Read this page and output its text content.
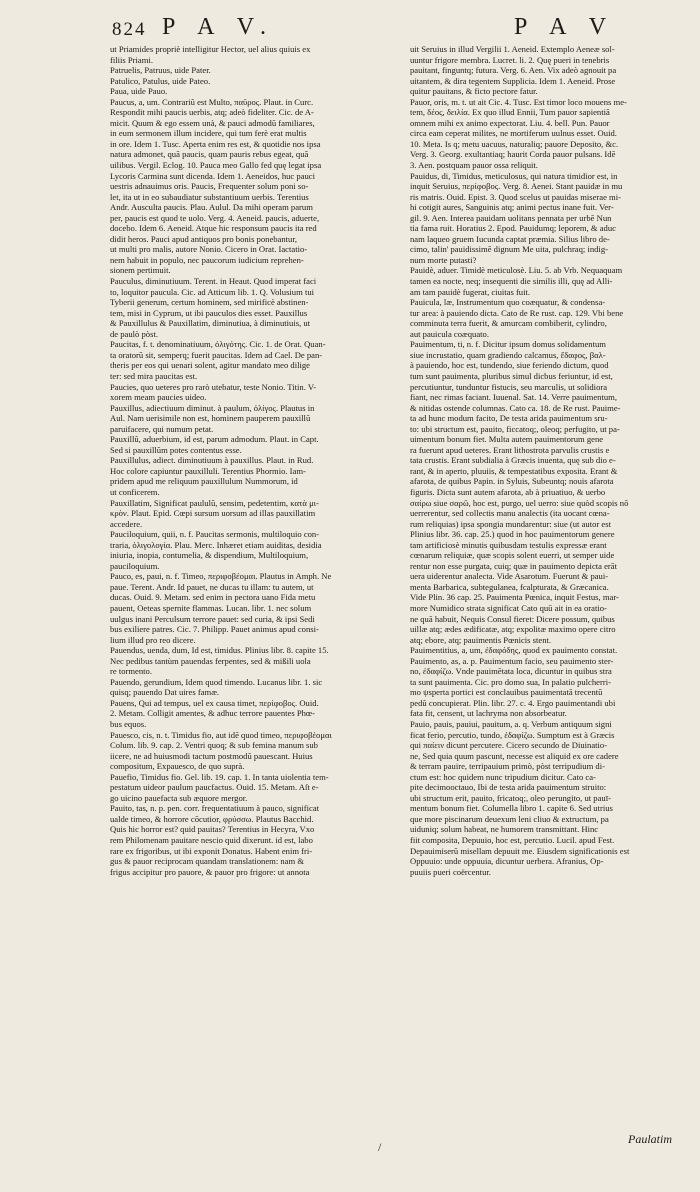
824 P A V.	P A V
ut Priamides propriè intelligitur Hector, uel alius quiuis ex
filiis Priami.
Patruelis, Patruus, uide Pater.
Patulico, Patulus, uide Pateo.
Paua, uide Pauo.
Paucus, a, um. Contrariũ est Multo, παῦρος. Plaut. in Curc.
Respondit mihi paucis uerbis, atq; adeò fideliter. Cic. de A-
micit. Quum & ego essem unà, & pauci admodũ familiares,
in eum sermonem illum incidere, qui tum ferè erat multis
in ore. Idem 1. Tusc. Aperta enim res est, & quotidie nos ipsa
natura admonet, quã paucis, quam pauris rebus egeat, quã
uilibus. Vergil. Eclog. 10. Pauca meo Gallo fed quę legat ipsa
Lycoris Carmina sunt dicenda. Idem 1. Aeneidos, huc pauci
uestris adnauimus oris. Paucis, Frequenter solum poni so-
let, ita ut in eo subaudiatur substantiuum uerbis. Terentius
Andr. Auscultа paucis. Plau. Aulul. Da mihi operam parum
per, paucis est quod te uolo. Verg. 4. Aeneid. paucis, aduerte,
docebo. Idem 6. Aeneid. Atque hic responsum paucis ita red
didit heros. Pauci apud antiquos pro bonis ponebantur,
ut multi pro malis, autore Nonio. Cicero in Orat. Iactatio-
nem habuit in populo, nec paucorum iudicium reprehen-
sionem pertimuit.
Pauculus, diminutiuum. Terent. in Heaut. Quod imperat faci
to, loquitor paucula. Cic. ad Atticum lib. 1. Q. Volusium tui
Tyberii generum, certum hominem, sed mirificè abstinen-
tem, misi in Cyprum, ut ibi pauculos dies esset. Pauxillus
& Pauxillulus & Pauxillatim, diminutiua, à diminutiuis, ut
de paulò pòst.
Paucitas, f. t. denominatiuum, ὀλιγότης. Cic. 1. de Orat. Quan-
ta oratorũ sit, semperq; fuerit paucitas. Idem ad Cael. De pan-
theris per eos qui uenari solent, agitur mandato meo dilige
ter: sed mira paucitas est.
Paucies, quo ueteres pro rarò utebatur, teste Nonio. Titin. V-
xorem meam paucies uideo.
Pauxillus, adiectiuum diminut. à paulum, ὀλίγος. Plautus in
Aul. Nam uerisimile non est, hominem pauperem pauxillũ
paruifacere, qui numum petat.
Pauxillũ, aduerbium, id est, parum admodum. Plaut. in Capt.
Sed si pauxillũm potes contentus esse.
Pauxillulus, adiect. diminutiuum à pauxillus. Plaut. in Rud.
Hoc colore capiuntur pauxilluli. Terentius Phormio. Iam-
pridem apud me reliquum pauxillulum Nummorum, id
ut conficerem.
Pauxillatim, Significat paululũ, sensim, pedetentim, κατὰ μι-
κρὸν. Plaut. Epid. Cœpi sursum uorsum ad illas pauxillatim
accedere.
Pauciloquium, quii, n. f. Paucitas sermonis, multiloquio con-
traria, ὀλιγολογία. Plau. Merc. Inhæret etiam auiditas, desidia
iniuria, inopia, contumelia, & dispendium, Multiloquium,
pauciloquium.
Pauco, es, pauі, n. f. Timeo, περιφοβέομαι. Plautus in Amph. Ne
paue. Terent. Andr. Id pauet, ne ducas tu illam: tu autem, ut
ducas. Ouid. 9. Metam. sed enim in pectora uano Fida metu
pauent, Oeteas spernite flammas. Lucan. libr. 1. nec solum
uulgus inani Perculsum terrore pauet: sed curia, & ipsi Sedi
bus exiliere patres. Cic. 7. Philipp. Pauet animus apud consi-
lium illud pro reo dicere.
Pauendus, uenda, dum, Id est, timidus. Plinius libr. 8. capite 15.
Nec pedibus tantùm pauendas ferpentes, sed & mißili uola
re tormento.
Pauendo, gerundium, Idem quod timendo. Lucanus libr. 1. sic
quisq; pauendo Dat uires famæ.
Pauens, Qui ad tempus, uel ex causa timet, περίφοβος. Ouid.
2. Metam. Colligit amentes, & adhuc terrore pauentes Phœ-
bus equos.
Pauesco, cis, n. t. Timidus fio, aut idē quod timeo, περιφοβέομαι
Colum. lib. 9. cap. 2. Ventri quoq; & sub femina manum sub
iicere, ne ad huiusmodi tactum postmodũ pauescant. Huius
compositum, Expauesco, de quo suprà.
Pauefio, Timidus fio. Gel. lib. 19. cap. 1. In tanta uiolentia tem-
pestatum uideor paulum paucfactus. Ouid. 15. Metam. Aſt e-
go uicino pauefacta sub æquore mergor.
Pauito, tas, n. p. pen. corr. frequentatiuum à pauco, significat
ualde timeo, & horrore cōcutior, φρύσσω. Plautus Bacchid.
Quis hic horror est? quid pauitas? Terentius in Hecyra, Vxo
rem Philomenam pauitare nescio quid dixerunt. id est, labo
rare ex frigoribus, ut ibi exponit Donatus. Habent enim fri-
gus & pauor reciprocam quandam translationem: nam &
frigus accipitur pro pauore, & pauor pro frigore: ut annota
uit Seruius in illud Vergilii 1. Aeneid. Extemplo Aeneæ sol-
uuntur frigore membra. Lucret. li. 2. Quę pueri in tenebris
pauitant, finguntq; futura. Verg. 6. Aen. Vix adeò agnouit pa
uitantem, & dira tegentem Supplicia. Idem 1. Aeneid. Prose
quitur pauitans, & ficto pectore fatur.
Pauor, oris, m. t. ut ait Cic. 4. Tusc. Est timor loco mouens me-
tem, δέος, δειλία. Ex quo illud Ennii, Tum pauor sapientiã
omnem mihi ex animo expectorat. Liu. 4. bell. Pun. Pauor
circa eam ceperat milites, ne mortiferum uulnus esset. Ouid.
10. Meta. Is q; metu uacuus, naturaliq; pauore Depositо, &c.
Verg. 3. Georg. exultantiaq; haurit Corda pauor pulsans. Idē
3. Aen. postquam pauor ossa reliquit.
Pauidus, di, Timidus, meticulosus, qui natura timidior est, in
inquit Seruius, περίφοβος. Verg. 8. Aenei. Stant pauidæ in mu
ris matris. Ouid. Epist. 3. Quod scelus ut pauidas miserae mi-
hi cotigit aures, Sanguinis atq; animi pectus inane fuit. Ver-
gil. 9. Aen. Interea pauidam uolitans pennata per urbē Nun
tia fama ruit. Horatius 2. Epod. Pauidumq; leporem, & aduc
nam laqueo gruem Iucunda captat præmia. Silius libro de-
cimo, talin' pauidissimē dignum Me uita, pulchraq; indig-
num morte putasti?
Pauidè, aduer. Timidè meticulosè. Liu. 5. ab Vrb. Nequaquam
tamen ea nocte, neq; insequenti die similis illi, quę ad Alli-
am tam pauidè fugerat, ciuitas fuit.
Pauicula, læ, Instrumentum quo coæquatur, & condensa-
tur area: à pauiendo dicta. Cato de Re rust. cap. 129. Vbi bene
comminuta terra fuerit, & amurcam combiberit, cylindro,
aut pauicula coæquato.
Pauimentum, ti, n. f. Dicitur ipsum domus solidamentum
siue incrustatio, quam gradiendo calcamus, ἔδαφος, βαλ-
à pauiendo, hoc est, tundendo, siue feriendo dictum, quod
tum sunt pauimenta, pluribus simul dicbus feriuntur, id est,
percutiuntur, tunduntur fistucis, seu marculis, ut solidiora
fiant, nec rimas faciant. Iuuenal. Sat. 14. Verre pauimentum,
& nitidas ostende columnas. Cato ca. 18. de Re rust. Pauime-
ta ad hunc modum facito, De testa arida pauimentum sru-
to: ubi structum est, pauito, ficcatoq;, oleoq; perfugito, ut pa-
uimentum bonum fiet. Multa autem pauimentorum gene
ra fuerunt apud ueteres. Erant lithostrota parvulis crustis e
tata crustis. Erant subdialia à Græcis inuenta, quę sub dio e-
rant, & in aperto, pluuiis, & tempestatibus exposita. Erant &
afarota, de quibus Papin. in Syluis, Subeuntq; nouis afarota
figuris. Dicta sunt autem afarota, ab à priuatiuo, & uerbo
σαίρω siue σαρῶ, hoc est, purgo, uel uerro: siue quòd scopis nō
uerrerentur, sed collectis manu analectis (ita uocant cœna-
rum reliquias) ipsa spongia mundarentur: siue (ut autor est
Plinius libr. 36. cap. 25.) quod in hoc pauimentorum genere
tam artificiosè minutis quibusdam testulis expressæ erant
cœnarum reliquiæ, quæ scopis solent euerri, ut semper uide
rentur non esse purgata, cuiq; quæ in pauimento depicta erāt
uera uiderentur analecta. Vide Asarotum. Fuerunt & paui-
menta Barbarica, subtegulanea, fcalpturata, & Græcanica.
Vide Plin. 36 cap. 25. Pauimenta Pœnica, inquit Festus, mar-
more Numidico strata significat Cato quū ait in ea oratio-
ne quā habuit, Nequis Consul fieret: Dicere possum, quibus
uillæ atq; ædes ædificatæ, atq; expolitæ maximo opere citro
atq; ebore, atq; pauimentis Pœnicis stent.
Pauimentitius, a, um, ἐδαφόδης, quod ex pauimento constat.
Pauimento, as, a. p. Pauimentum facio, seu pauimento ster-
no, ἐδαφίζω. Vnde pauimētata loca, dicuntur in quibus stra
ta sunt pauimenta. Cic. pro domo sua, In palatio pulcherri-
mo ψsperta portici est conclauibus pauimentatā trecentū
pedũ concupierat. Plin. libr. 27. c. 4. Ergo pauimentandi ubi
fata fit, censent, ut lachryma non absorbeatur.
Pauio, pauis, pauiui, pauitum, a. q. Verbum antiquum signi
ficat ferio, percutio, tundo, ἐδαφίζω. Sumptum est à Græcis
qui παίειν dicunt percutere. Cicero secundo de Diuinatio-
ne, Sed quia quum pascunt, necesse est aliquid ex ore cadere
& terram pauire, terripauium primò, pòst terripudium di-
ctum est: hoc quidem nunc tripudium dicitur. Cato ca-
pite decimooctauo, Ibi de testa arida pauimentum struito:
ubi structum erit, pauito, fricatoq;, oleo perungito, ut pauī-
mentum bonum fiet. Columella libro 1. capite 6. Sed utrius
que more piscinarum deuexum leni cliuo & extructum, pa
uiduniq; solum habeat, ne humorem transmittant. Hinc
fiit composita, Depuuio, hoc est, percutio. Lucil. apud Fest.
Depauimiserũ misellam depuuit me. Eiusdem significationis est
Oppuuio: unde oppuuia, dicuntur uerbera. Afranius, Op-
puuiis pueri coërcentur.
/
Paulatim
